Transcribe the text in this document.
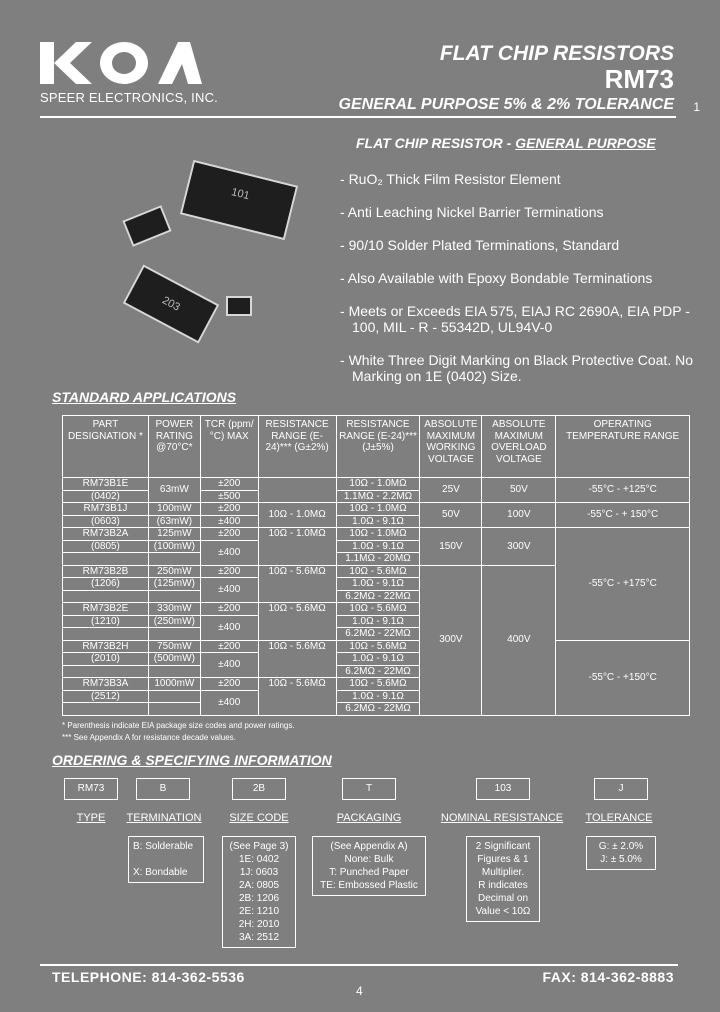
SPEER ELECTRONICS, INC.
FLAT CHIP RESISTORS
RM73
GENERAL PURPOSE 5% & 2% TOLERANCE 1
FLAT CHIP RESISTOR - GENERAL PURPOSE
101
203
- RuO₂ Thick Film Resistor Element
- Anti Leaching Nickel Barrier Terminations
- 90/10 Solder Plated Terminations, Standard
- Also Available with Epoxy Bondable Terminations
- Meets or Exceeds EIA 575, EIAJ RC 2690A, EIA PDP - 100, MIL - R - 55342D, UL94V-0
- White Three Digit Marking on Black Protective Coat. No Marking on 1E (0402) Size.
STANDARD APPLICATIONS
PART DESIGNATION *	POWER RATING @70°C*	TCR (ppm/°C) MAX	RESISTANCE RANGE (E-24)*** (G±2%)	RESISTANCE RANGE (E-24)*** (J±5%)	ABSOLUTE MAXIMUM WORKING VOLTAGE	ABSOLUTE MAXIMUM OVERLOAD VOLTAGE	OPERATING TEMPERATURE RANGE
RM73B1E	63mW	±200		10Ω - 1.0MΩ	25V	50V	-55°C - +125°C
(0402)		±500		1.1MΩ - 2.2MΩ			
RM73B1J	100mW	±200	10Ω - 1.0MΩ	10Ω - 1.0MΩ	50V	100V	-55°C - + 150°C
(0603)	(63mW)	±400		1.0Ω - 9.1Ω			
RM73B2A	125mW	±200	10Ω - 1.0MΩ	10Ω - 1.0MΩ	150V	300V	-55°C - +175°C
(0805)	(100mW)	±400		1.0Ω - 9.1Ω			
				1.1MΩ - 20MΩ			
RM73B2B	250mW	±200	10Ω - 5.6MΩ	10Ω - 5.6MΩ	300V	400V	
(1206)	(125mW)	±400		1.0Ω - 9.1Ω			
				6.2MΩ - 22MΩ			
RM73B2E	330mW	±200	10Ω - 5.6MΩ	10Ω - 5.6MΩ			
(1210)	(250mW)	±400		1.0Ω - 9.1Ω			
				6.2MΩ - 22MΩ			
RM73B2H	750mW	±200	10Ω - 5.6MΩ	10Ω - 5.6MΩ			-55°C - +150°C
(2010)	(500mW)	±400		1.0Ω - 9.1Ω			
				6.2MΩ - 22MΩ			
RM73B3A	1000mW	±200	10Ω - 5.6MΩ	10Ω - 5.6MΩ			
(2512)		±400		1.0Ω - 9.1Ω			
				6.2MΩ - 22MΩ			
* Parenthesis indicate EIA package size codes and power ratings.
*** See Appendix A for resistance decade values.
ORDERING & SPECIFYING INFORMATION
RM73
TYPE
B
TERMINATION
B: Solderable
X: Bondable
2B
SIZE CODE
(See Page 3)
1E: 0402
1J: 0603
2A: 0805
2B: 1206
2E: 1210
2H: 2010
3A: 2512
T
PACKAGING
(See Appendix A)
None: Bulk
T: Punched Paper
TE: Embossed Plastic
103
NOMINAL RESISTANCE
2 Significant
Figures & 1
Multiplier.
R indicates
Decimal on
Value < 10Ω
J
TOLERANCE
G: ± 2.0%
J: ± 5.0%
TELEPHONE: 814-362-5536	FAX: 814-362-8883
4
